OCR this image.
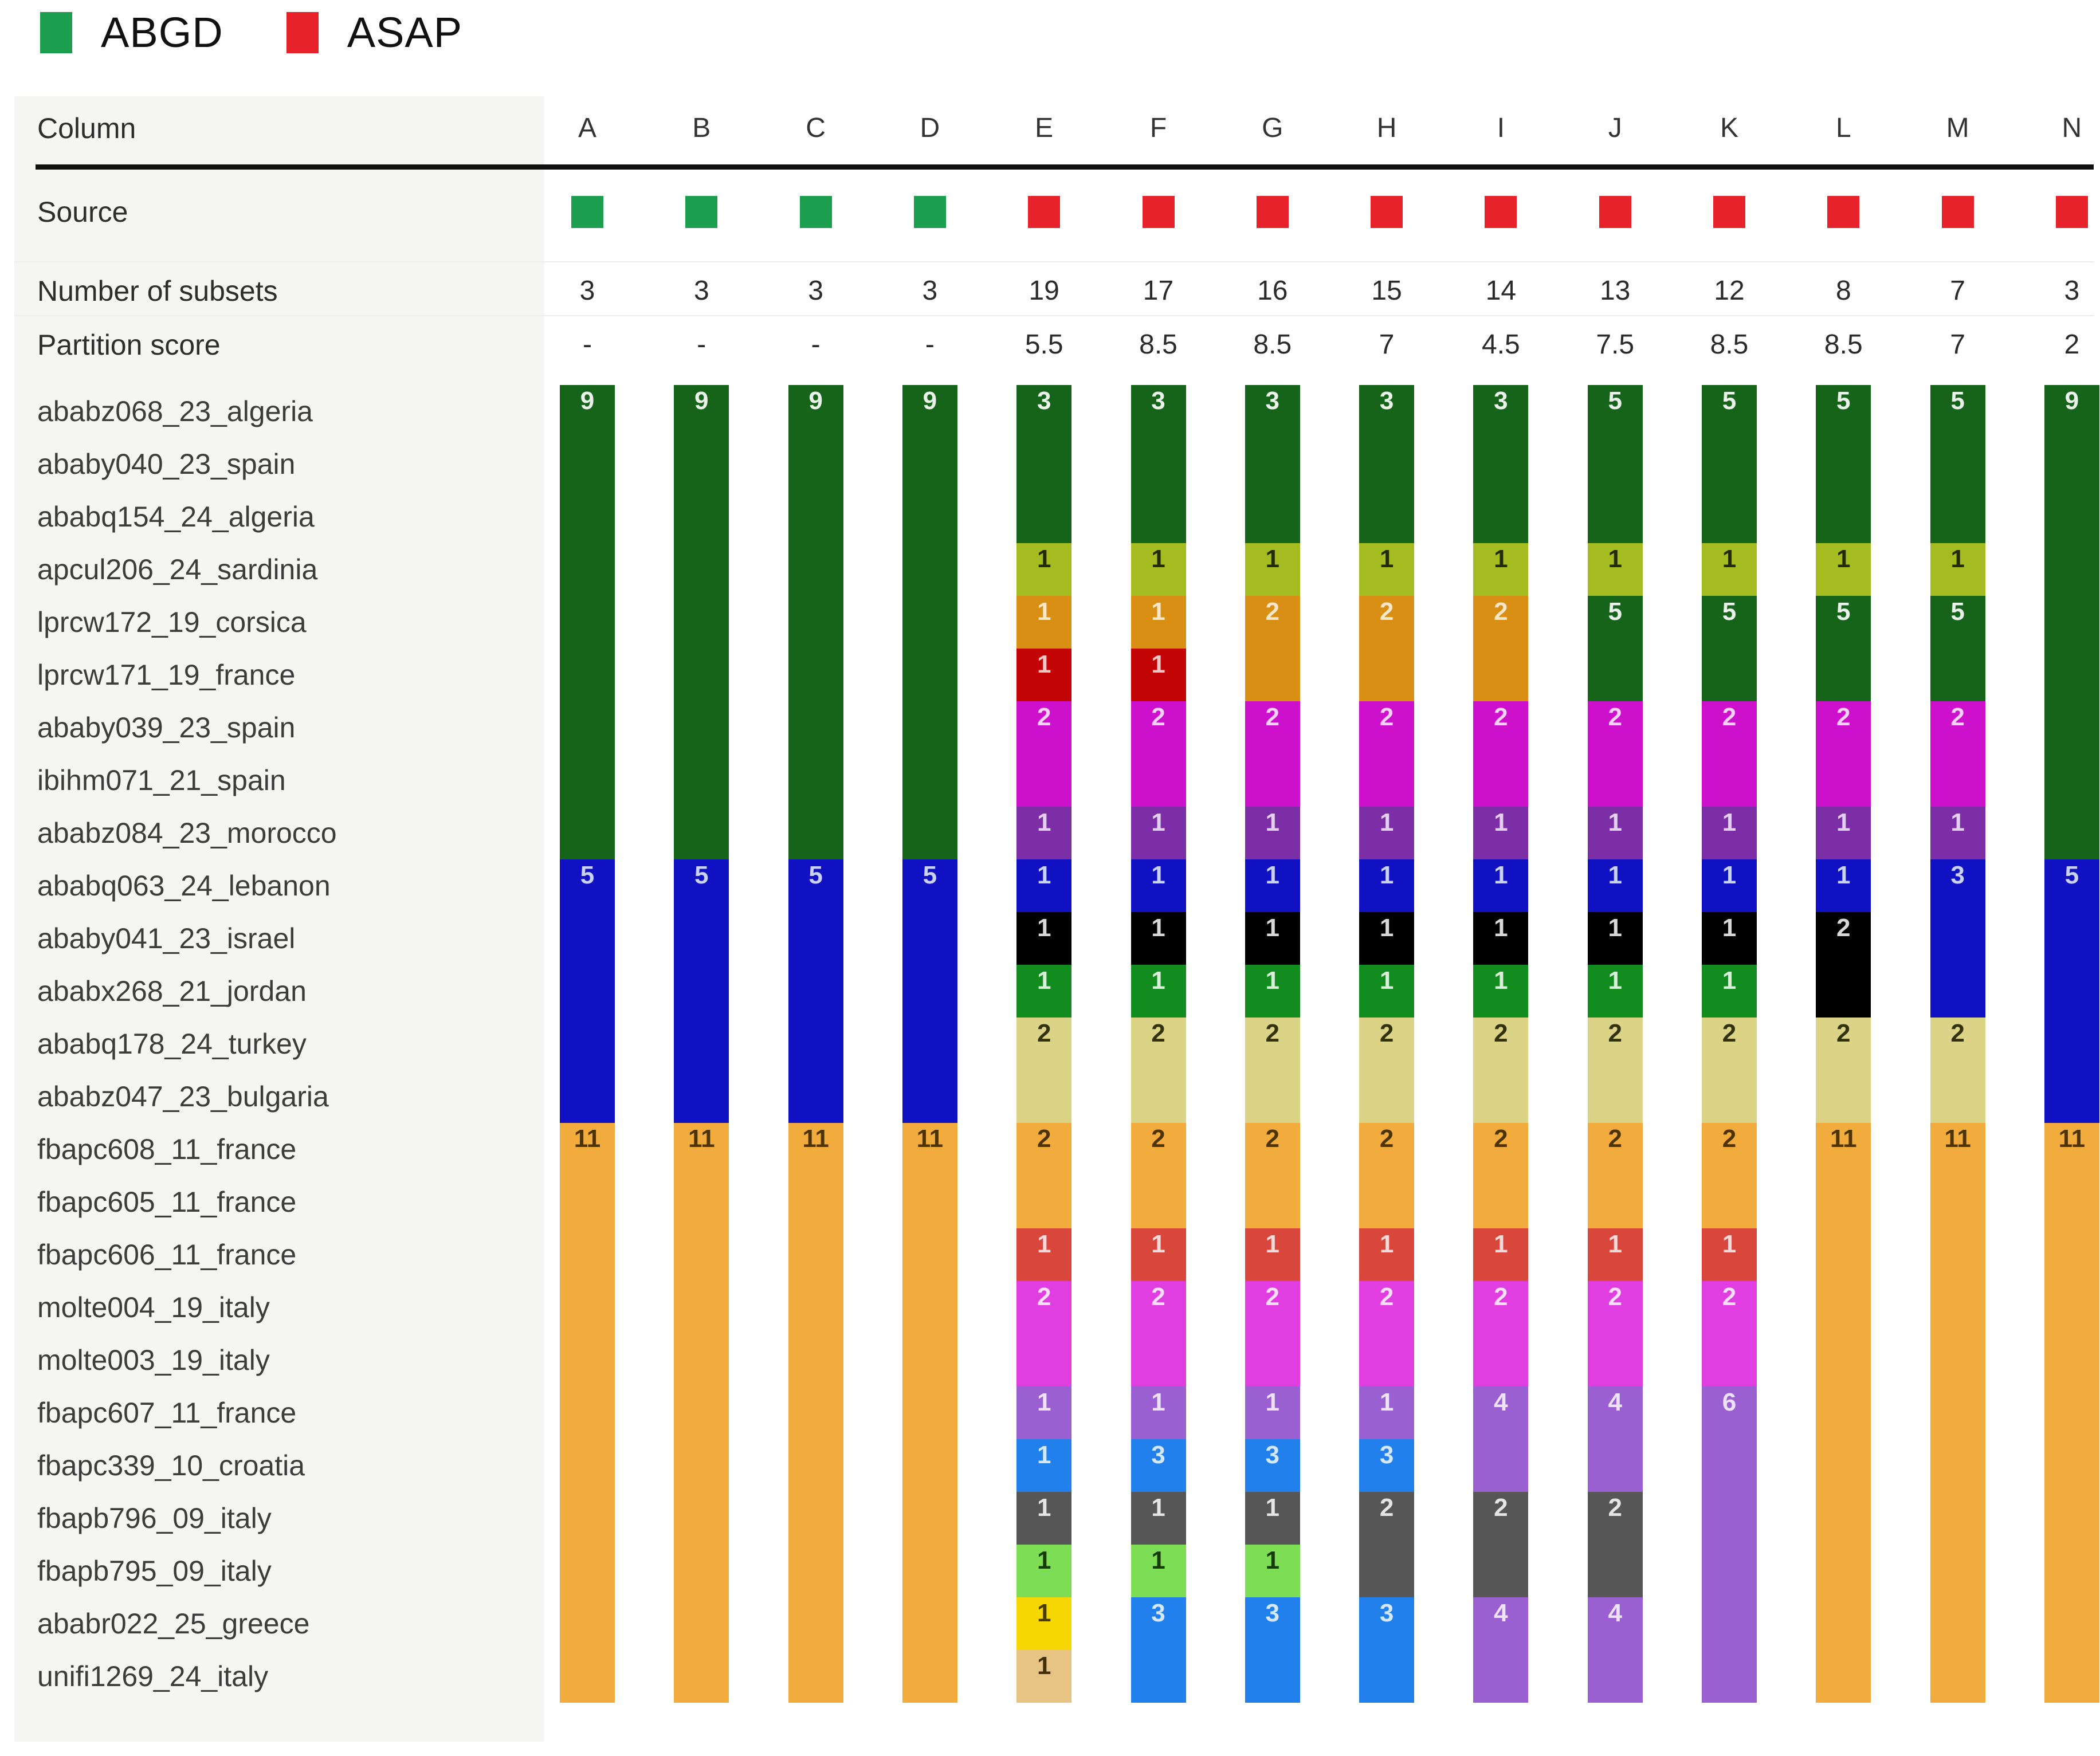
ABGD	ASAP
Column
Source
Number of subsets
Partition score
A
3
-
9
5
11
B
3
-
9
5
11
C
3
-
9
5
11
D
3
-
9
5
11
E
19
5.5
3
1
1
1
2
1
1
1
1
2
2
1
2
1
1
1
1
1
1
F
17
8.5
3
1
1
1
2
1
1
1
1
2
2
1
2
1
3
1
1
3
G
16
8.5
3
1
2
2
1
1
1
1
2
2
1
2
1
3
1
1
3
H
15
7
3
1
2
2
1
1
1
1
2
2
1
2
1
3
2
3
I
14
4.5
3
1
2
2
1
1
1
1
2
2
1
2
4
2
4
J
13
7.5
5
1
5
2
1
1
1
1
2
2
1
2
4
2
4
K
12
8.5
5
1
5
2
1
1
1
1
2
2
1
2
6
L
8
8.5
5
1
5
2
1
1
2
2
11
M
7
7
5
1
5
2
1
3
2
11
N
3
2
9
5
11
ababz068_23_algeria
ababy040_23_spain
ababq154_24_algeria
apcul206_24_sardinia
lprcw172_19_corsica
lprcw171_19_france
ababy039_23_spain
ibihm071_21_spain
ababz084_23_morocco
ababq063_24_lebanon
ababy041_23_israel
ababx268_21_jordan
ababq178_24_turkey
ababz047_23_bulgaria
fbapc608_11_france
fbapc605_11_france
fbapc606_11_france
molte004_19_italy
molte003_19_italy
fbapc607_11_france
fbapc339_10_croatia
fbapb796_09_italy
fbapb795_09_italy
ababr022_25_greece
unifi1269_24_italy
